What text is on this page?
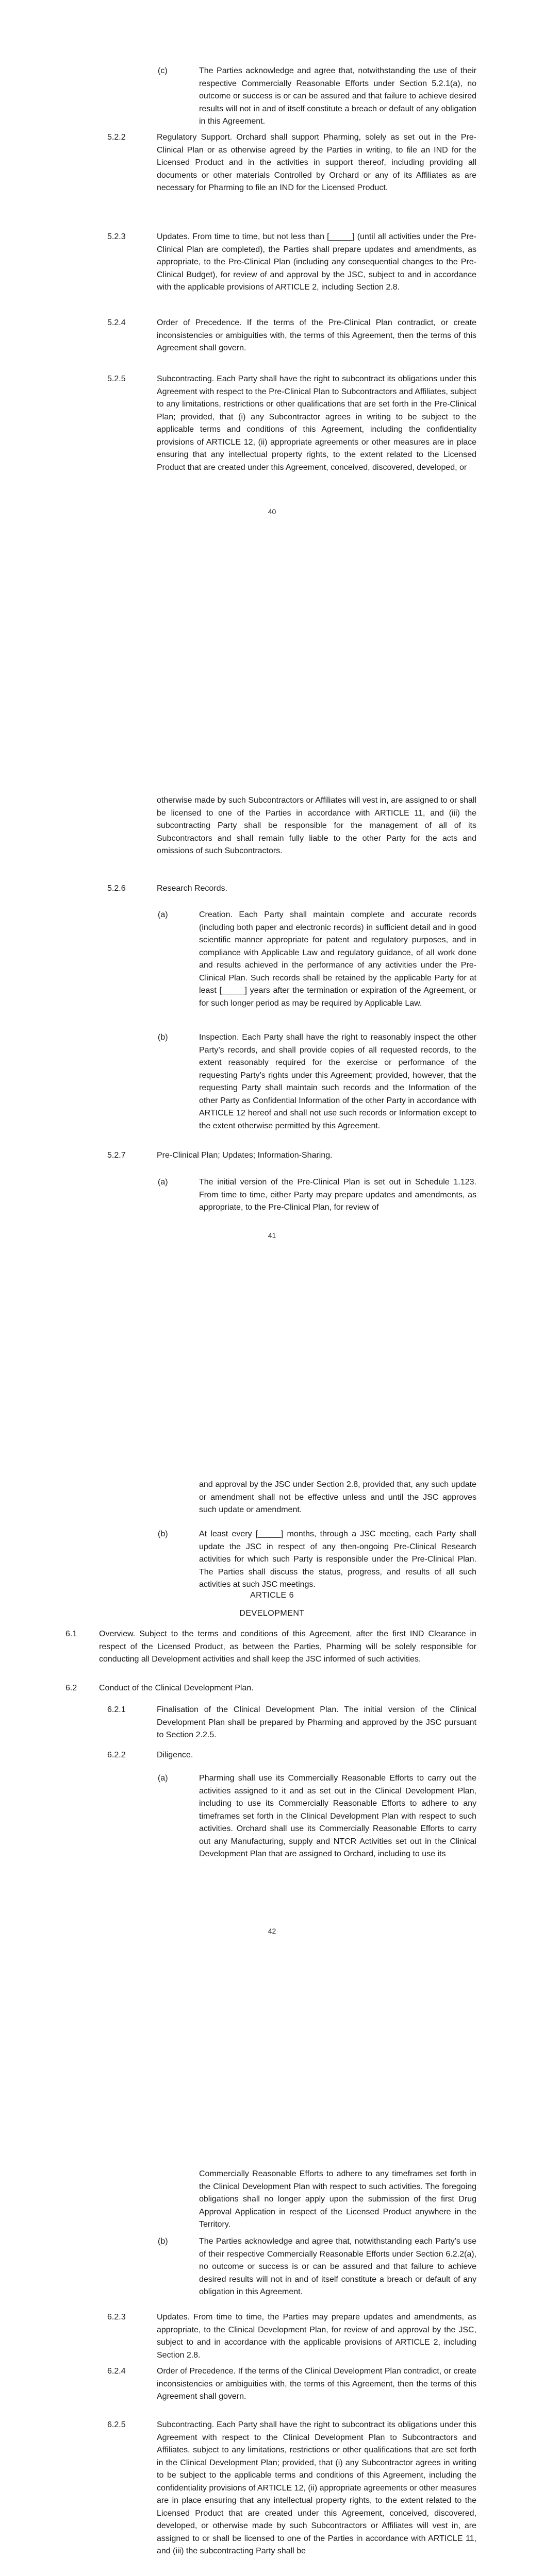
(c)	The Parties acknowledge and agree that, notwithstanding the use of their respective Commercially Reasonable Efforts under Section 5.2.1(a), no outcome or success is or can be assured and that failure to achieve desired results will not in and of itself constitute a breach or default of any obligation in this Agreement.

5.2.2	Regulatory Support. Orchard shall support Pharming, solely as set out in the Pre-Clinical Plan or as otherwise agreed by the Parties in writing, to file an IND for the Licensed Product and in the activities in support thereof, including providing all documents or other materials Controlled by Orchard or any of its Affiliates as are necessary for Pharming to file an IND for the Licensed Product.

5.2.3	Updates. From time to time, but not less than [_____] (until all activities under the Pre-Clinical Plan are completed), the Parties shall prepare updates and amendments, as appropriate, to the Pre-Clinical Plan (including any consequential changes to the Pre-Clinical Budget), for review of and approval by the JSC, subject to and in accordance with the applicable provisions of ARTICLE 2, including Section 2.8.

5.2.4	Order of Precedence. If the terms of the Pre-Clinical Plan contradict, or create inconsistencies or ambiguities with, the terms of this Agreement, then the terms of this Agreement shall govern.

5.2.5	Subcontracting. Each Party shall have the right to subcontract its obligations under this Agreement with respect to the Pre-Clinical Plan to Subcontractors and Affiliates, subject to any limitations, restrictions or other qualifications that are set forth in the Pre-Clinical Plan; provided, that (i) any Subcontractor agrees in writing to be subject to the applicable terms and conditions of this Agreement, including the confidentiality provisions of ARTICLE 12, (ii) appropriate agreements or other measures are in place ensuring that any intellectual property rights, to the extent related to the Licensed Product that are created under this Agreement, conceived, discovered, developed, or

40

otherwise made by such Subcontractors or Affiliates will vest in, are assigned to or shall be licensed to one of the Parties in accordance with ARTICLE 11, and (iii) the subcontracting Party shall be responsible for the management of all of its Subcontractors and shall remain fully liable to the other Party for the acts and omissions of such Subcontractors.

5.2.6	Research Records.

(a)	Creation. Each Party shall maintain complete and accurate records (including both paper and electronic records) in sufficient detail and in good scientific manner appropriate for patent and regulatory purposes, and in compliance with Applicable Law and regulatory guidance, of all work done and results achieved in the performance of any activities under the Pre-Clinical Plan. Such records shall be retained by the applicable Party for at least [_____] years after the termination or expiration of the Agreement, or for such longer period as may be required by Applicable Law.

(b)	Inspection. Each Party shall have the right to reasonably inspect the other Party’s records, and shall provide copies of all requested records, to the extent reasonably required for the exercise or performance of the requesting Party’s rights under this Agreement; provided, however, that the requesting Party shall maintain such records and the Information of the other Party as Confidential Information of the other Party in accordance with ARTICLE 12 hereof and shall not use such records or Information except to the extent otherwise permitted by this Agreement.

5.2.7	Pre-Clinical Plan; Updates; Information-Sharing.

(a)	The initial version of the Pre-Clinical Plan is set out in Schedule 1.123. From time to time, either Party may prepare updates and amendments, as appropriate, to the Pre-Clinical Plan, for review of

41

and approval by the JSC under Section 2.8, provided that, any such update or amendment shall not be effective unless and until the JSC approves such update or amendment.

(b)	At least every [_____] months, through a JSC meeting, each Party shall update the JSC in respect of any then-ongoing Pre-Clinical Research activities for which such Party is responsible under the Pre-Clinical Plan. The Parties shall discuss the status, progress, and results of all such activities at such JSC meetings.

ARTICLE 6
DEVELOPMENT
6.1	Overview. Subject to the terms and conditions of this Agreement, after the first IND Clearance in respect of the Licensed Product, as between the Parties, Pharming will be solely responsible for conducting all Development activities and shall keep the JSC informed of such activities.

6.2	Conduct of the Clinical Development Plan.

6.2.1	Finalisation of the Clinical Development Plan. The initial version of the Clinical Development Plan shall be prepared by Pharming and approved by the JSC pursuant to Section 2.2.5.

6.2.2	Diligence.

(a)	Pharming shall use its Commercially Reasonable Efforts to carry out the activities assigned to it and as set out in the Clinical Development Plan, including to use its Commercially Reasonable Efforts to adhere to any timeframes set forth in the Clinical Development Plan with respect to such activities. Orchard shall use its Commercially Reasonable Efforts to carry out any Manufacturing, supply and NTCR Activities set out in the Clinical Development Plan that are assigned to Orchard, including to use its

42

Commercially Reasonable Efforts to adhere to any timeframes set forth in the Clinical Development Plan with respect to such activities. The foregoing obligations shall no longer apply upon the submission of the first Drug Approval Application in respect of the Licensed Product anywhere in the Territory.

(b)	The Parties acknowledge and agree that, notwithstanding each Party’s use of their respective Commercially Reasonable Efforts under Section 6.2.2(a), no outcome or success is or can be assured and that failure to achieve desired results will not in and of itself constitute a breach or default of any obligation in this Agreement.

6.2.3	Updates. From time to time, the Parties may prepare updates and amendments, as appropriate, to the Clinical Development Plan, for review of and approval by the JSC, subject to and in accordance with the applicable provisions of ARTICLE 2, including Section 2.8.

6.2.4	Order of Precedence. If the terms of the Clinical Development Plan contradict, or create inconsistencies or ambiguities with, the terms of this Agreement, then the terms of this Agreement shall govern.

6.2.5	Subcontracting. Each Party shall have the right to subcontract its obligations under this Agreement with respect to the Clinical Development Plan to Subcontractors and Affiliates, subject to any limitations, restrictions or other qualifications that are set forth in the Clinical Development Plan; provided, that (i) any Subcontractor agrees in writing to be subject to the applicable terms and conditions of this Agreement, including the confidentiality provisions of ARTICLE 12, (ii) appropriate agreements or other measures are in place ensuring that any intellectual property rights, to the extent related to the Licensed Product that are created under this Agreement, conceived, discovered, developed, or otherwise made by such Subcontractors or Affiliates will vest in, are assigned to or shall be licensed to one of the Parties in accordance with ARTICLE 11, and (iii) the subcontracting Party shall be
